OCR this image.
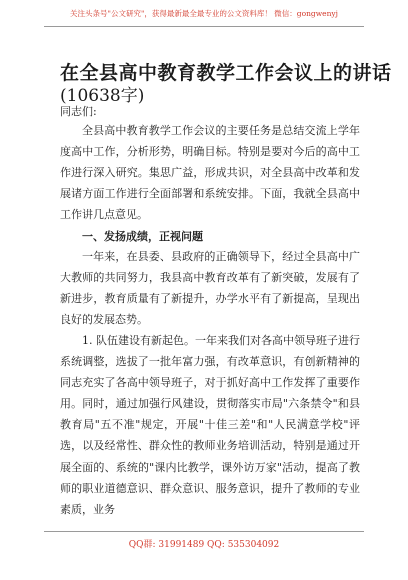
关注头条号"公文研究"，获得最新最全最专业的公文资料库！ 微信：gongwenyj
在全县高中教育教学工作会议上的讲话
(10638字)
同志们:

全县高中教育教学工作会议的主要任务是总结交流上学年度高中工作，分析形势，明确目标。特别是要对今后的高中工作进行深入研究。集思广益，形成共识，对全县高中改革和发展诸方面工作进行全面部署和系统安排。下面，我就全县高中工作讲几点意见。

一、发扬成绩，正视问题

一年来，在县委、县政府的正确领导下，经过全县高中广大教师的共同努力，我县高中教育改革有了新突破，发展有了新进步，教育质量有了新提升，办学水平有了新提高，呈现出良好的发展态势。

1. 队伍建设有新起色。一年来我们对各高中领导班子进行系统调整，选拔了一批年富力强，有改革意识，有创新精神的同志充实了各高中领导班子，对于抓好高中工作发挥了重要作用。同时，通过加强行风建设，贯彻落实市局"六条禁令"和县教育局"五不准"规定，开展"十佳三差"和"人民满意学校"评选，以及经常性、群众性的教师业务培训活动，特别是通过开展全面的、系统的"课内比教学，课外访万家"活动，提高了教师的职业道德意识、群众意识、服务意识，提升了教师的专业素质，业务

QQ群: 31991489 QQ: 535304092
